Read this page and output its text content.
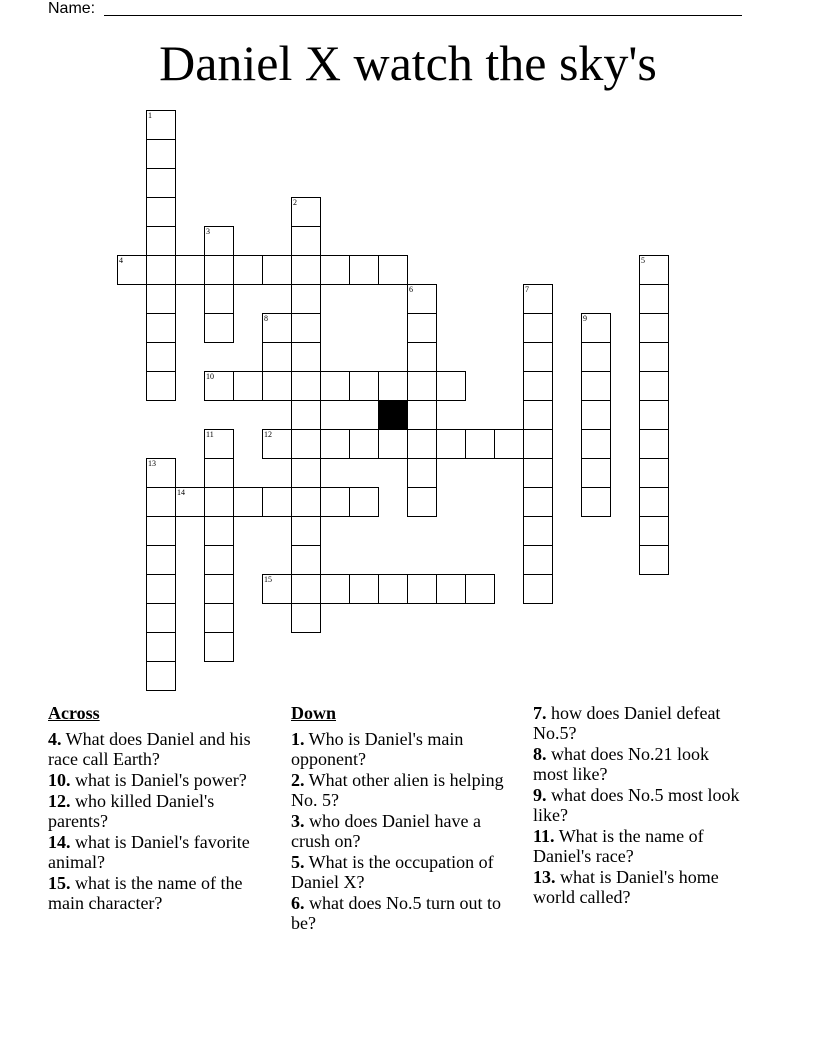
Name:
Daniel X watch the sky's
1
3
2
4	5
6	7
9
8
10
11	12
13
14
15
Across
4. What does Daniel and his race call Earth?
10. what is Daniel's power?
12. who killed Daniel's parents?
14. what is Daniel's favorite animal?
15. what is the name of the main character?
Down
1. Who is Daniel's main opponent?
2. What other alien is helping No. 5?
3. who does Daniel have a crush on?
5. What is the occupation of Daniel X?
6. what does No.5 turn out to be?
7. how does Daniel defeat No.5?
8. what does No.21 look most like?
9. what does No.5 most look like?
11. What is the name of Daniel's race?
13. what is Daniel's home world called?
